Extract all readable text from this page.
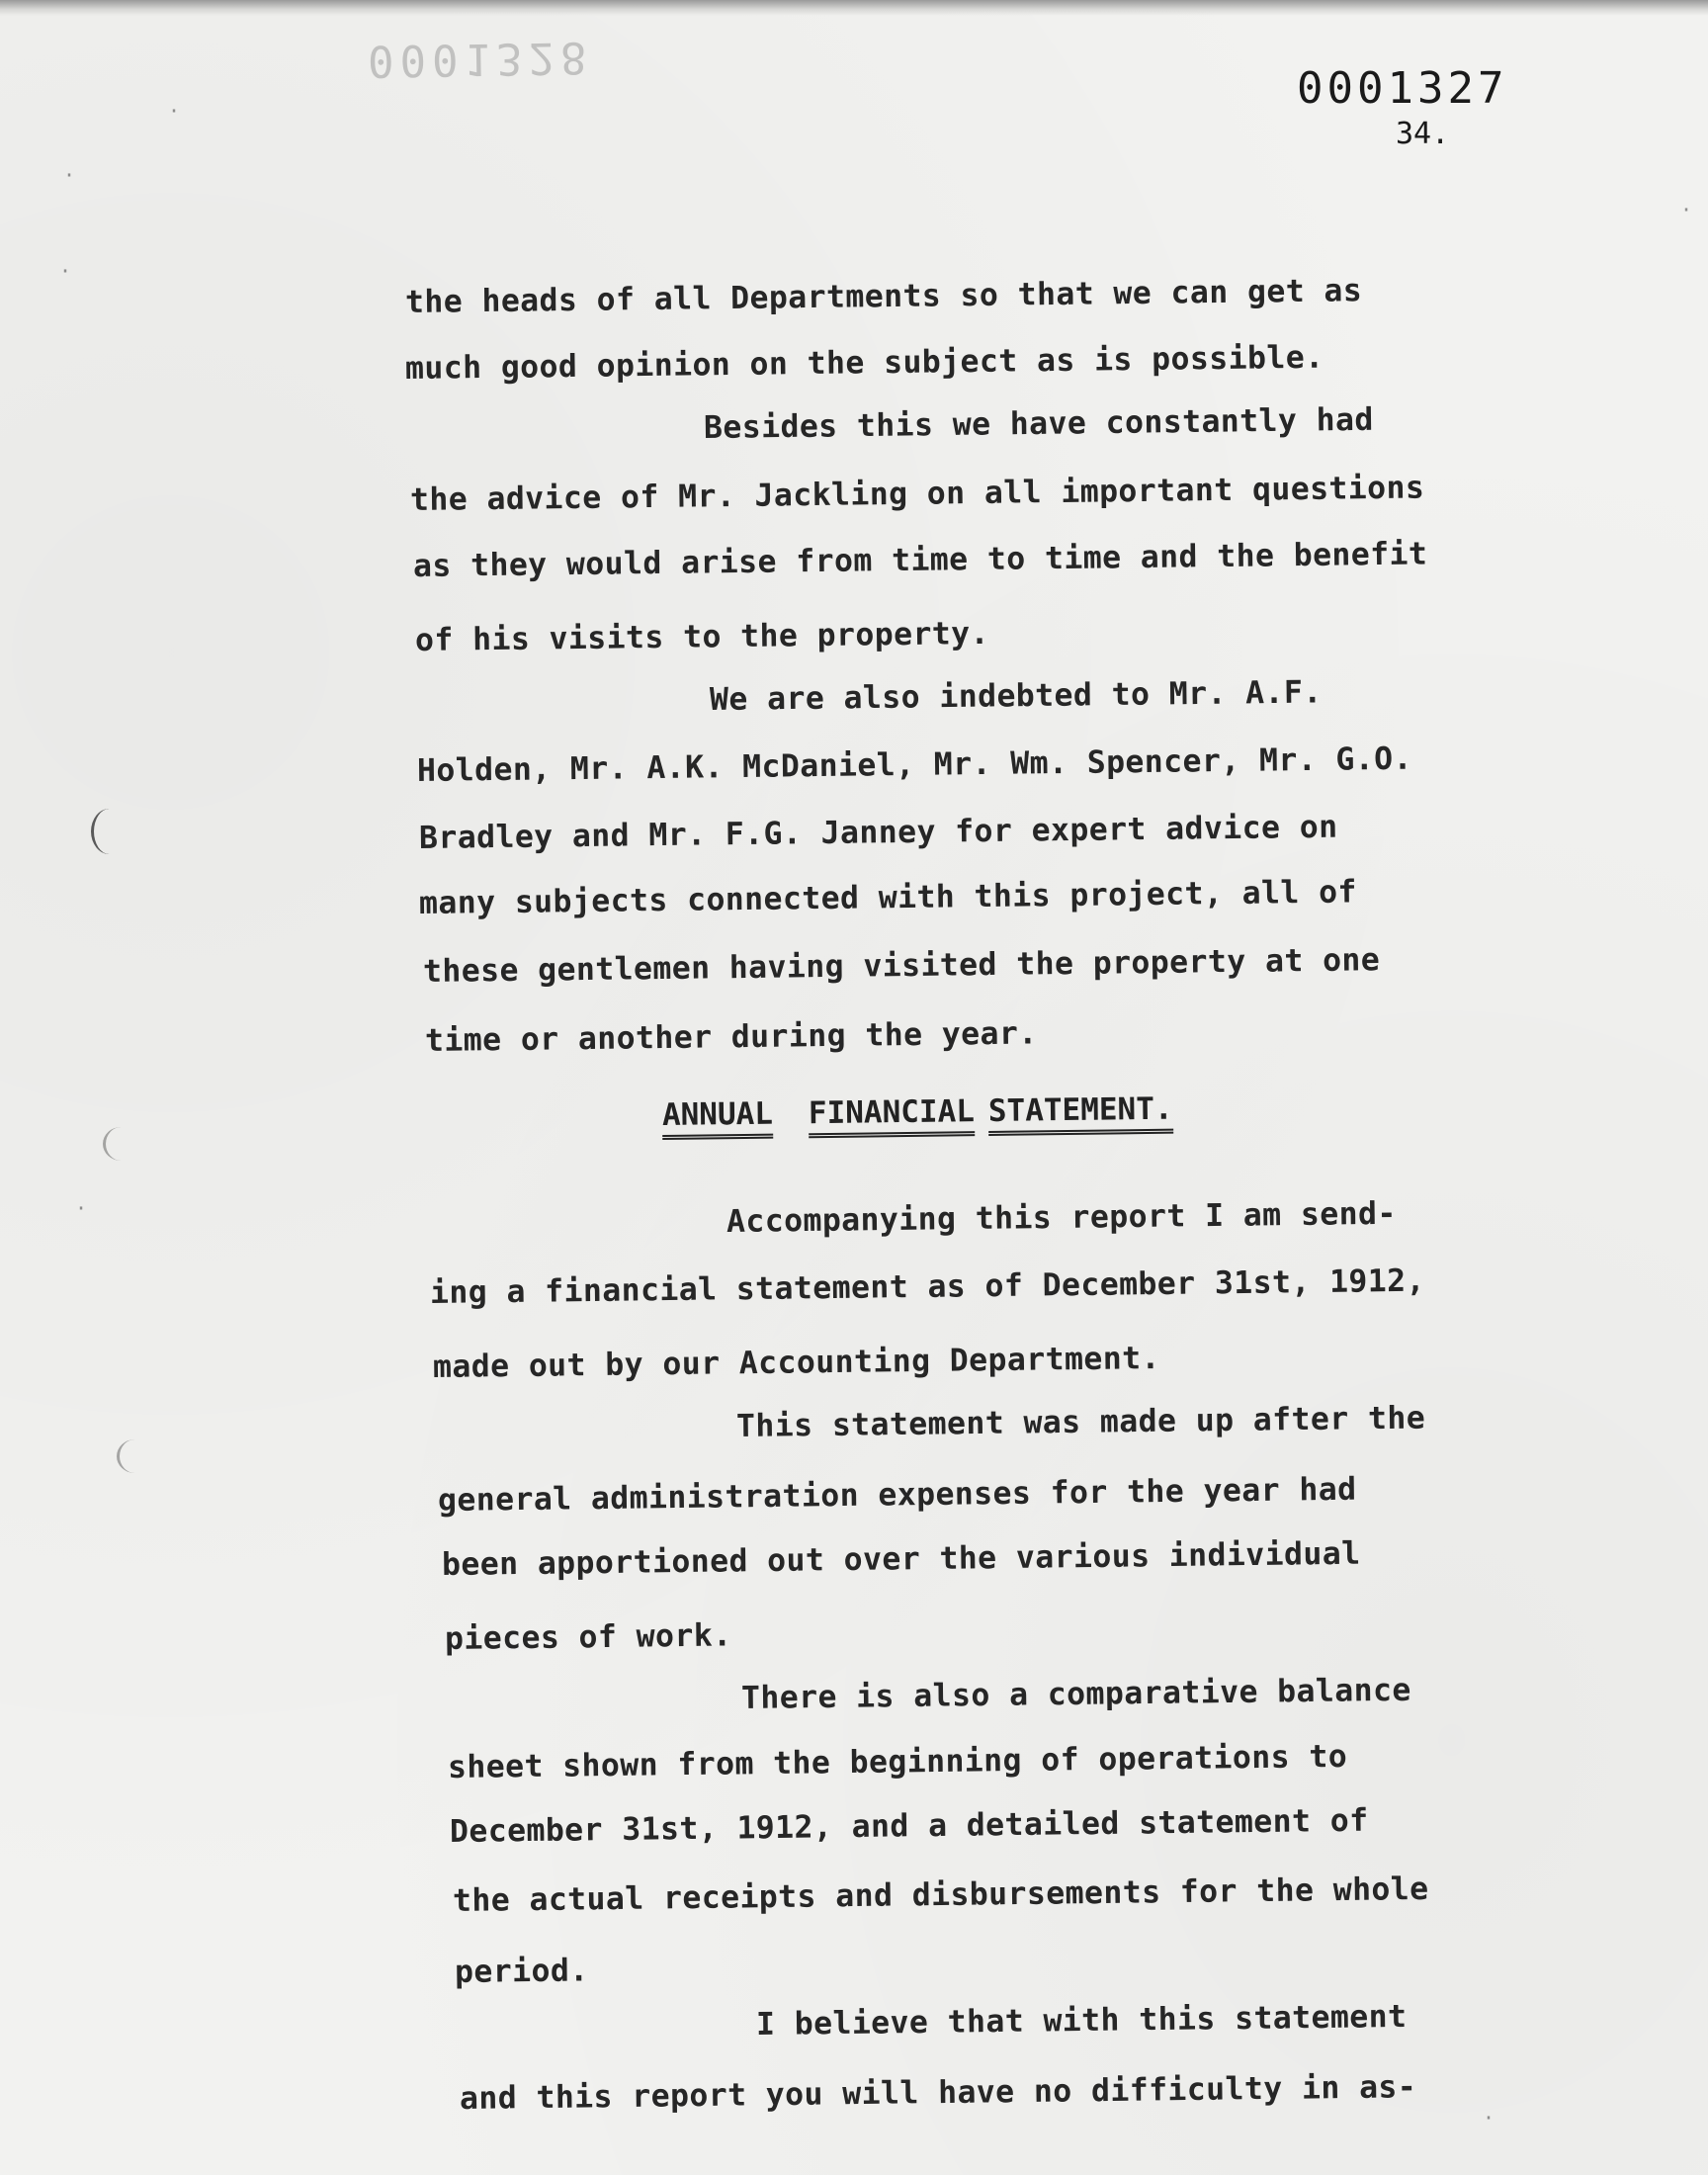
0001328
0001327
34.
·
·
·
·
·
·
the heads of all Departments so that we can get as
much good opinion on the subject as is possible.
Besides this we have constantly had
the advice of Mr. Jackling on all important questions
as they would arise from time to time and the benefit
of his visits to the property.
We are also indebted to Mr. A.F.
Holden, Mr. A.K. McDaniel, Mr. Wm. Spencer, Mr. G.O.
Bradley and Mr. F.G. Janney for expert advice on
many subjects connected with this project, all of
these gentlemen having visited the property at one
time or another during the year.
ANNUAL FINANCIAL STATEMENT.
Accompanying this report I am send-
ing a financial statement as of December 31st, 1912,
made out by our Accounting Department.
This statement was made up after the
general administration expenses for the year had
been apportioned out over the various individual
pieces of work.
There is also a comparative balance
sheet shown from the beginning of operations to
December 31st, 1912, and a detailed statement of
the actual receipts and disbursements for the whole
period.
I believe that with this statement
and this report you will have no difficulty in as-
